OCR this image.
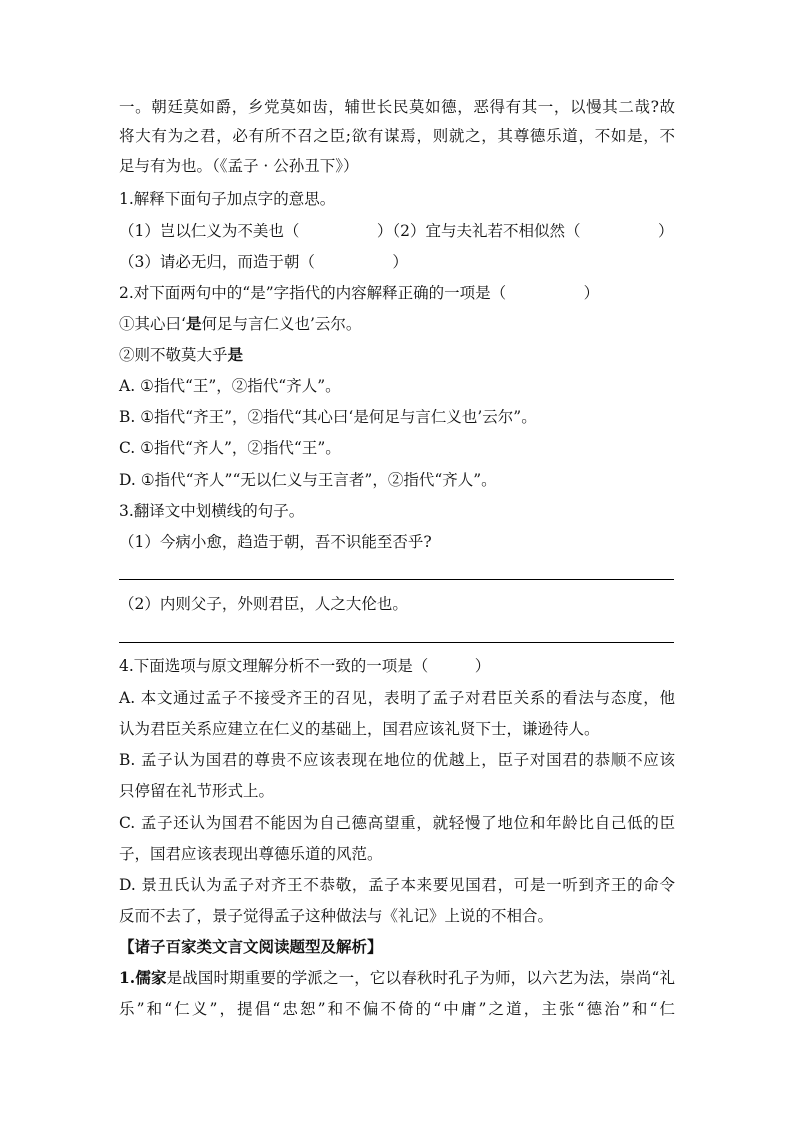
一。朝廷莫如爵，乡党莫如齿，辅世长民莫如德，恶得有其一，以慢其二哉?故
将大有为之君，必有所不召之臣;欲有谋焉，则就之，其尊德乐道，不如是，不
足与有为也。（《孟子 · 公孙丑下》）
1.解释下面句子加点字的意思。
（1）岂以仁义为不美也（　　　　　）（2）宜与夫礼若不相似然（　　　　　）
（3）请必无归，而造于朝（　　　　　）
2.对下面两句中的“是”字指代的内容解释正确的一项是（　　　　　）
①其心曰‘是何足与言仁义也’云尔。
②则不敬莫大乎是
A. ①指代“王”，②指代“齐人”。
B. ①指代“齐王”，②指代“其心曰‘是何足与言仁义也’云尔”。
C. ①指代“齐人”，②指代“王”。
D. ①指代“齐人”“无以仁义与王言者”，②指代“齐人”。
3.翻译文中划横线的句子。
（1）今病小愈，趋造于朝，吾不识能至否乎?
（2）内则父子，外则君臣，人之大伦也。
4.下面选项与原文理解分析不一致的一项是（　　　）
A. 本文通过孟子不接受齐王的召见，表明了孟子对君臣关系的看法与态度，他
认为君臣关系应建立在仁义的基础上，国君应该礼贤下士，谦逊待人。
B. 孟子认为国君的尊贵不应该表现在地位的优越上，臣子对国君的恭顺不应该
只停留在礼节形式上。
C. 孟子还认为国君不能因为自己德高望重，就轻慢了地位和年龄比自己低的臣
子，国君应该表现出尊德乐道的风范。
D. 景丑氏认为孟子对齐王不恭敬，孟子本来要见国君，可是一听到齐王的命令
反而不去了，景子觉得孟子这种做法与《礼记》上说的不相合。
【诸子百家类文言文阅读题型及解析】
1.儒家是战国时期重要的学派之一，它以春秋时孔子为师，以六艺为法，崇尚“礼
乐”和“仁义”，提倡“忠恕”和不偏不倚的“中庸”之道，主张“德治”和“仁
